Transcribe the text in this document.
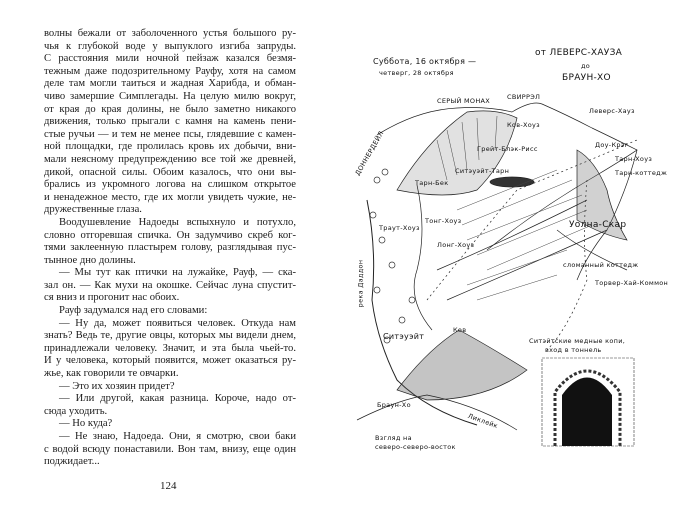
волны бежали от заболоченного устья большого ру-
чья к глубокой воде у выпуклого изгиба запруды.
С расстояния мили ночной пейзаж казался безмя-
тежным даже подозрительному Рауфу, хотя на самом
деле там могли таиться и жадная Харибда, и обман-
чиво замершие Симплегады. На целую милю вокруг,
от края до края долины, не было заметно никакого
движения, только прыгали с камня на камень пени-
стые ручьи — и тем не менее псы, глядевшие с камен-
ной площадки, где пролилась кровь их добычи, вни-
мали неясному предупреждению все той же древней,
дикой, опасной силы. Обоим казалось, что они вы-
брались из укромного логова на слишком открытое
и ненадежное место, где их могли увидеть чужие, не-
дружественные глаза.
Воодушевление Надоеды вспыхнуло и потухло,
словно отгоревшая спичка. Он задумчиво скреб ког-
тями заклеенную пластырем голову, разглядывая пус-
тынное дно долины.
— Мы тут как птички на лужайке, Рауф, — ска-
зал он. — Как мухи на окошке. Сейчас луна спустит-
ся вниз и прогонит нас обоих.
Рауф задумался над его словами:
— Ну да, может появиться человек. Откуда нам
знать? Ведь те, другие овцы, которых мы видели днем,
принадлежали человеку. Значит, и эта была чьей-то.
И у человека, который появится, может оказаться ру-
жье, как говорили те овчарки.
— Это их хозяин придет?
— Или другой, какая разница. Короче, надо от-
сюда уходить.
— Но куда?
— Не знаю, Надоеда. Они, я смотрю, свои баки
с водой всюду понаставили. Вон там, внизу, еще один
поджидает...
124
Суббота, 16 октября —
четверг, 28 октября
от ЛЕВЕРС-ХАУЗА
до
БРАУН-ХО
СЕРЫЙ МОНАХ	СВИРРЭЛ
Леверс-Хауз
Ков-Хоуз
Грейт-Блэк-Рисс
Ситэуэйт-Тарн
Тарн-Бек
ДОННЕРДЕЙЛ	Доу-Крэг
Тарн-Хоуз
Тарн-коттедж
Уолна-Скар
сломанный коттедж
Торвер-Хай-Коммон
Траут-Хоуз
Тонг-Хоуз
Лонг-Хоуз
река Даддон
Ситэуэйт
Ков
Ситэйтские медные копи,
вход в тоннель
Браун-Хо
Ликлейк
Взгляд на
северо-северо-восток
